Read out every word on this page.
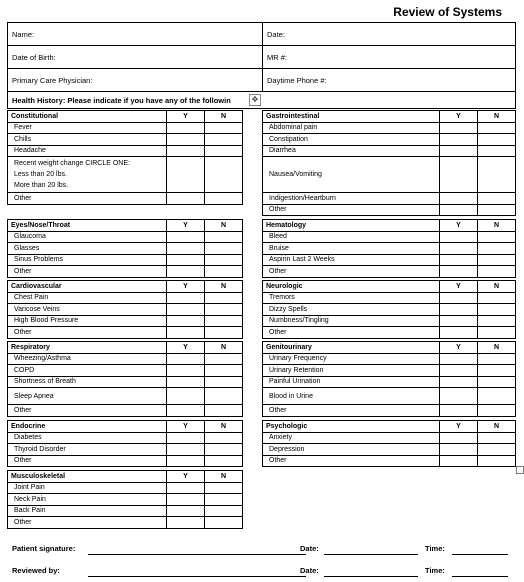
Review of Systems
Name:	Date:
Date of Birth:	MR #:
Primary Care Physician:	Daytime Phone #:
Health History: Please indicate if you have any of the followin		✥
Constitutional	Y	N
Fever		
Chills		
Headache		

Recent weight change CIRCLE ONE:
Less than 20 lbs.
More than 20 lbs.		

Other		
Eyes/Nose/Throat	Y	N
Glaucoma		
Glasses		
Sinus Problems		
Other		
Cardiovascular	Y	N
Chest Pain		
Varicose Veins		
High Blood Pressure		
Other		
Respiratory	Y	N
Wheezing/Asthma		
COPD		
Shortness of Breath		
Sleep Apnea		
Other		
Endocrine	Y	N
Diabetes		
Thyroid Disorder		
Other		
Musculoskeletal	Y	N
Joint Pain		
Neck Pain		
Back Pain		
Other		
Gastrointestinal	Y	N
Abdominal pain		
Constipation		
Diarrhea		
Nausea/Vomiting		
Indigestion/Heartburn		
Other		
Hematology	Y	N
Bleed		
Bruise		
Aspirin Last 2 Weeks		
Other		
Neurologic	Y	N
Tremors		
Dizzy Spells		
Numbness/Tingling		
Other		
Genitourinary	Y	N
Urinary Frequency		
Urinary Retention		
Painful Urination		
Blood in Urine		
Other		
Psychologic	Y	N
Anxiety		
Depression		
Other		
Patient signature:	Date:	Time:
Reviewed by:	Date:	Time:
